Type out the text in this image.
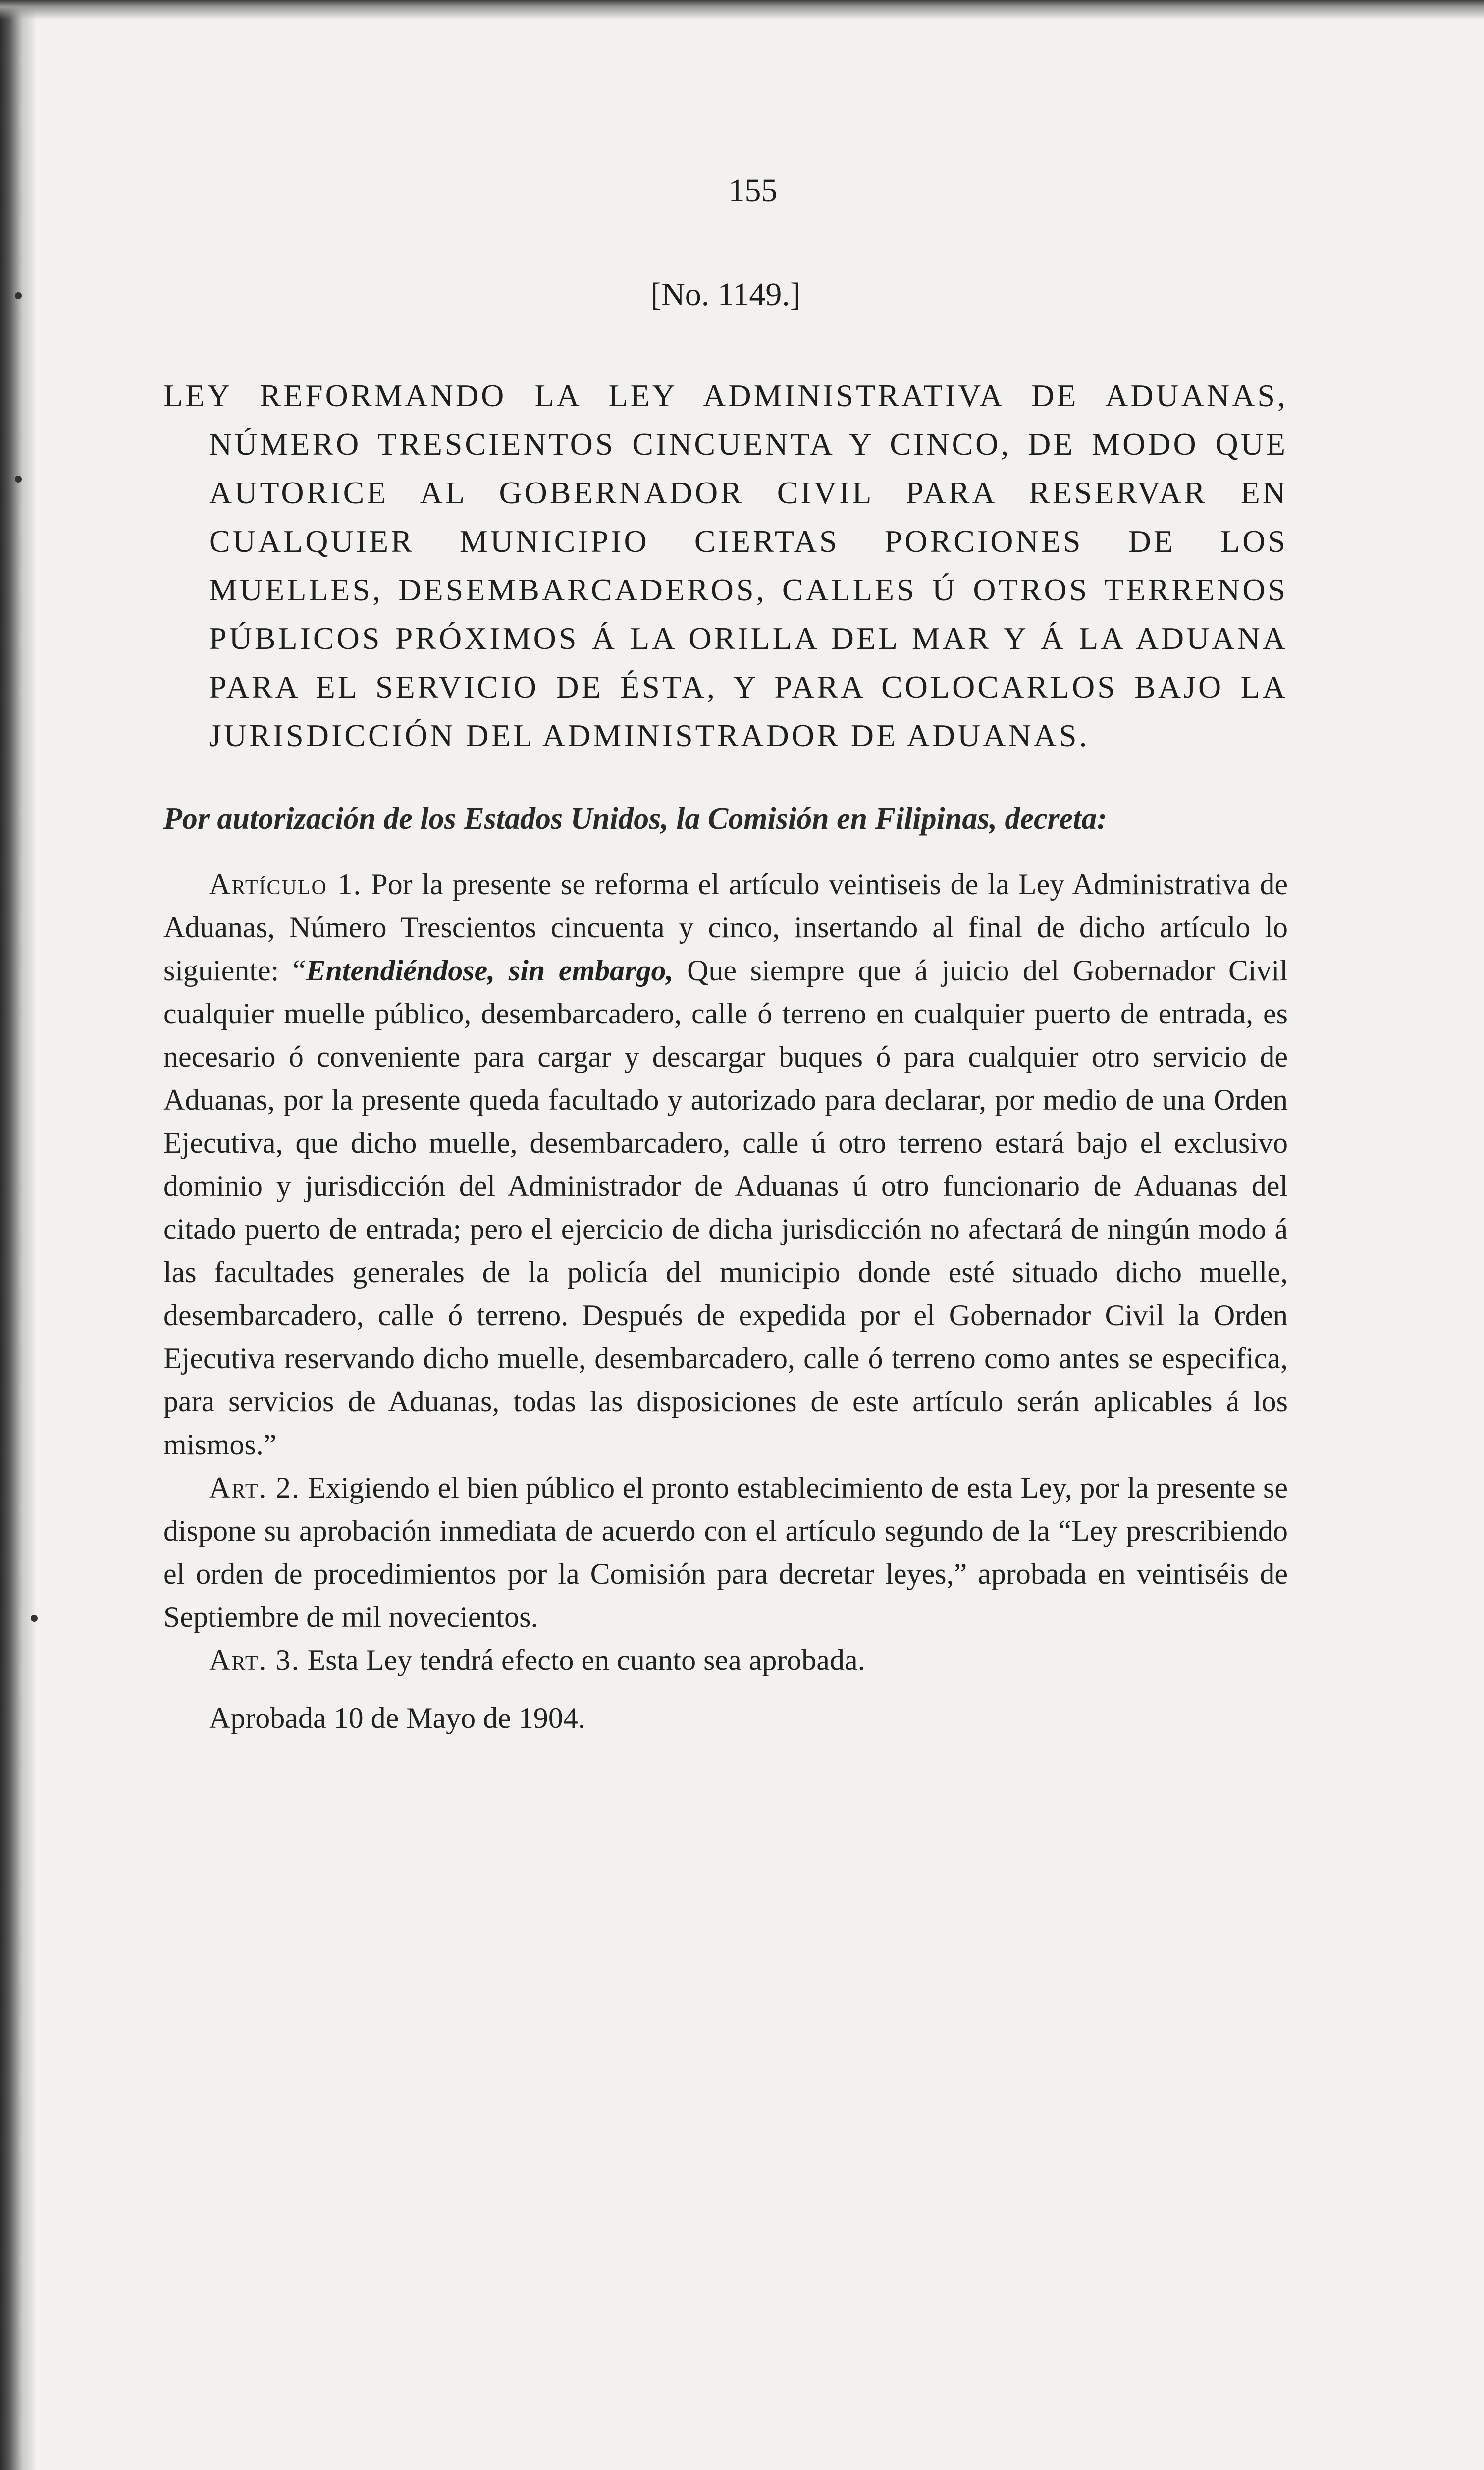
155
[No. 1149.]
LEY REFORMANDO LA LEY ADMINISTRATIVA DE ADUANAS, NÚMERO TRESCIENTOS CINCUENTA Y CINCO, DE MODO QUE AUTORICE AL GOBERNADOR CIVIL PARA RESERVAR EN CUALQUIER MUNICIPIO CIERTAS PORCIONES DE LOS MUELLES, DESEMBARCADEROS, CALLES Ú OTROS TERRENOS PÚBLICOS PRÓXIMOS Á LA ORILLA DEL MAR Y Á LA ADUANA PARA EL SERVICIO DE ÉSTA, Y PARA COLOCARLOS BAJO LA JURISDICCIÓN DEL ADMINISTRADOR DE ADUANAS.

Por autorización de los Estados Unidos, la Comisión en Filipinas, decreta:

Artículo 1. Por la presente se reforma el artículo veintiseis de la Ley Administrativa de Aduanas, Número Trescientos cincuenta y cinco, insertando al final de dicho artículo lo siguiente: “Entendiéndose, sin embargo, Que siempre que á juicio del Gobernador Civil cualquier muelle público, desembarcadero, calle ó terreno en cualquier puerto de entrada, es necesario ó conveniente para cargar y descargar buques ó para cualquier otro servicio de Aduanas, por la presente queda facultado y autorizado para declarar, por medio de una Orden Ejecutiva, que dicho muelle, desembarcadero, calle ú otro terreno estará bajo el exclusivo dominio y jurisdicción del Administrador de Aduanas ú otro funcionario de Aduanas del citado puerto de entrada; pero el ejercicio de dicha jurisdicción no afectará de ningún modo á las facultades generales de la policía del municipio donde esté situado dicho muelle, desembarcadero, calle ó terreno. Después de expedida por el Gobernador Civil la Orden Ejecutiva reservando dicho muelle, desembarcadero, calle ó terreno como antes se especifica, para servicios de Aduanas, todas las disposiciones de este artículo serán aplicables á los mismos.”

Art. 2. Exigiendo el bien público el pronto establecimiento de esta Ley, por la presente se dispone su aprobación inmediata de acuerdo con el artículo segundo de la “Ley prescribiendo el orden de procedimientos por la Comisión para decretar leyes,” aprobada en veintiséis de Septiembre de mil novecientos.

Art. 3. Esta Ley tendrá efecto en cuanto sea aprobada.

Aprobada 10 de Mayo de 1904.
